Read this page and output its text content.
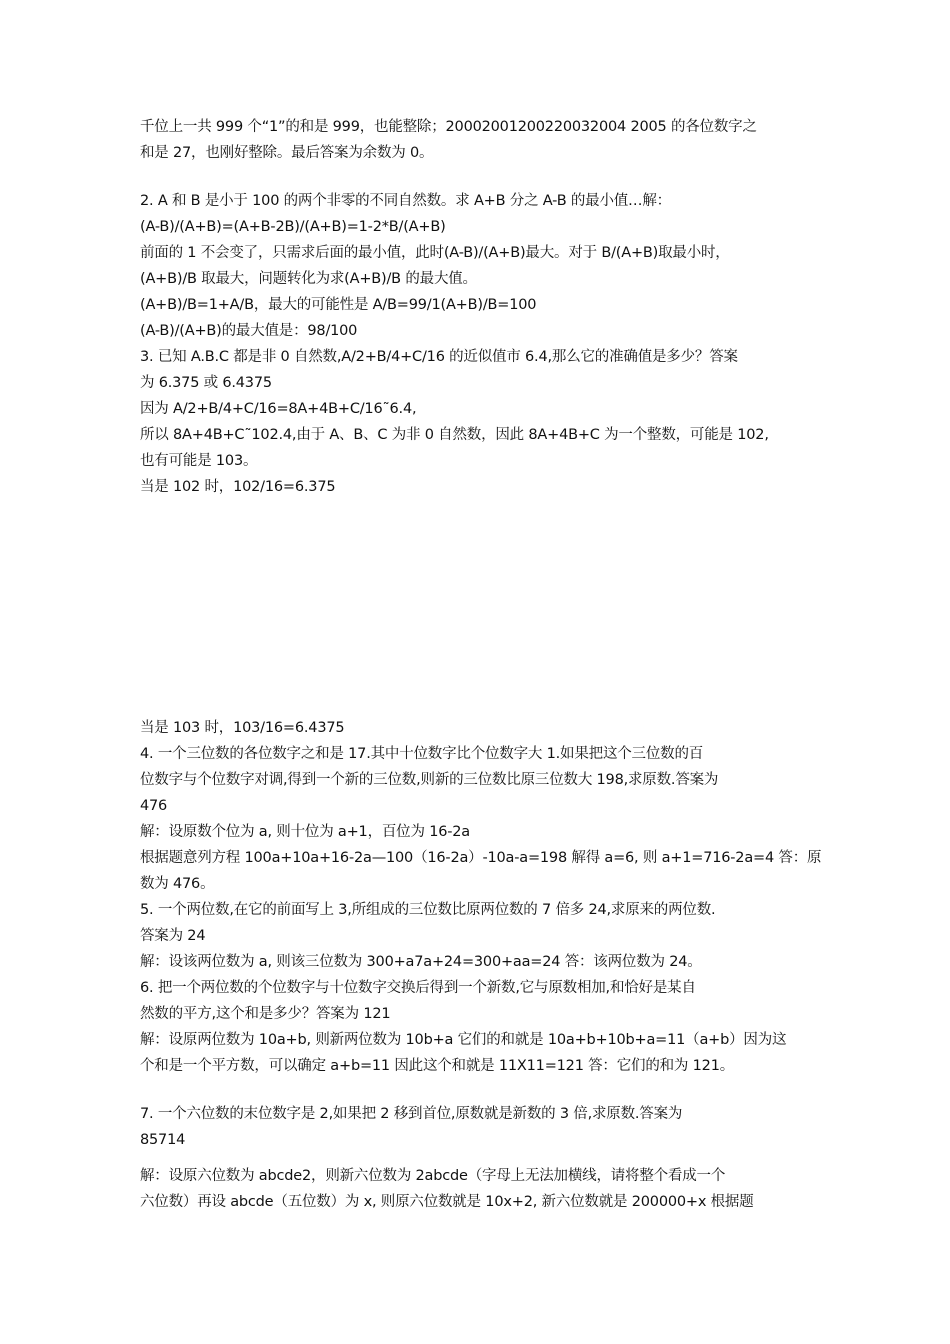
千位上一共 999 个“1”的和是 999，也能整除；20002001200220032004 2005 的各位数字之
和是 27，也刚好整除。最后答案为余数为 0。
2. A 和 B 是小于 100 的两个非零的不同自然数。求 A+B 分之 A-B 的最小值…解：
(A-B)/(A+B)=(A+B-2B)/(A+B)=1-2*B/(A+B)
前面的 1 不会变了，只需求后面的最小值，此时(A-B)/(A+B)最大。对于 B/(A+B)取最小时，
(A+B)/B 取最大，问题转化为求(A+B)/B 的最大值。
(A+B)/B=1+A/B，最大的可能性是 A/B=99/1(A+B)/B=100
(A-B)/(A+B)的最大值是：98/100
3. 已知 A.B.C 都是非 0 自然数,A/2+B/4+C/16 的近似值市 6.4,那么它的准确值是多少？答案
为 6.375 或 6.4375
因为 A/2+B/4+C/16=8A+4B+C/16˜6.4,
所以 8A+4B+C˜102.4,由于 A、B、C 为非 0 自然数，因此 8A+4B+C 为一个整数，可能是 102,
也有可能是 103。
当是 102 时，102/16=6.375
当是 103 时，103/16=6.4375
4. 一个三位数的各位数字之和是 17.其中十位数字比个位数字大 1.如果把这个三位数的百
位数字与个位数字对调,得到一个新的三位数,则新的三位数比原三位数大 198,求原数.答案为
476
解：设原数个位为 a, 则十位为 a+1，百位为 16-2a
根据题意列方程 100a+10a+16-2a—100（16-2a）-10a-a=198 解得 a=6, 则 a+1=716-2a=4 答：原
数为 476。
5. 一个两位数,在它的前面写上 3,所组成的三位数比原两位数的 7 倍多 24,求原来的两位数.
答案为 24
解：设该两位数为 a, 则该三位数为 300+a7a+24=300+aa=24 答：该两位数为 24。
6. 把一个两位数的个位数字与十位数字交换后得到一个新数,它与原数相加,和恰好是某自
然数的平方,这个和是多少？答案为 121
解：设原两位数为 10a+b, 则新两位数为 10b+a 它们的和就是 10a+b+10b+a=11（a+b）因为这
个和是一个平方数，可以确定 a+b=11 因此这个和就是 11X11=121 答：它们的和为 121。
7. 一个六位数的末位数字是 2,如果把 2 移到首位,原数就是新数的 3 倍,求原数.答案为
85714
解：设原六位数为 abcde2，则新六位数为 2abcde（字母上无法加横线，请将整个看成一个
六位数）再设 abcde（五位数）为 x, 则原六位数就是 10x+2, 新六位数就是 200000+x 根据题
